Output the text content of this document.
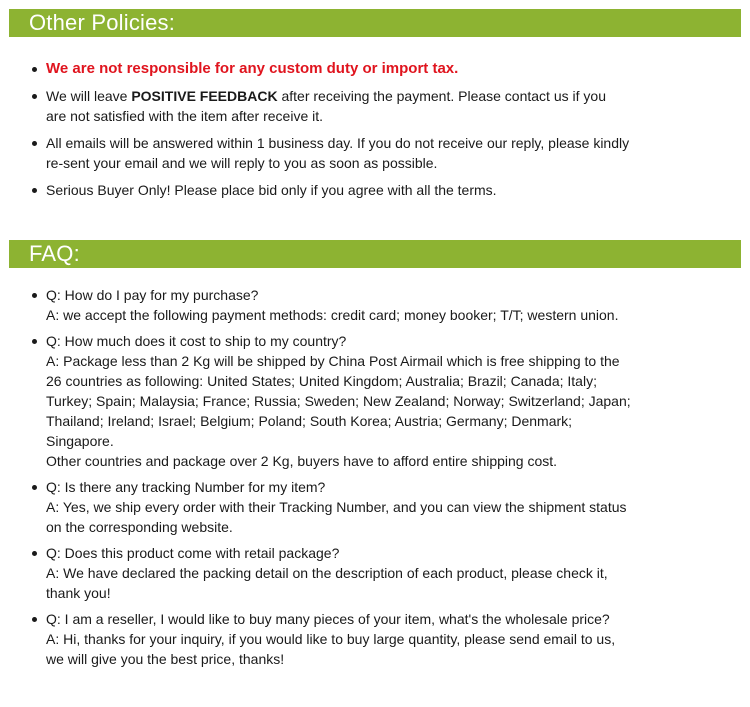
Other Policies:
We are not responsible for any custom duty or import tax.
We will leave POSITIVE FEEDBACK after receiving the payment. Please contact us if you
are not satisfied with the item after receive it.
All emails will be answered within 1 business day. If you do not receive our reply, please kindly
re-sent your email and we will reply to you as soon as possible.
Serious Buyer Only! Please place bid only if you agree with all the terms.
FAQ:
Q: How do I pay for my purchase?
A: we accept the following payment methods: credit card; money booker; T/T; western union.
Q: How much does it cost to ship to my country?
A: Package less than 2 Kg will be shipped by China Post Airmail which is free shipping to the
26 countries as following: United States; United Kingdom; Australia; Brazil; Canada; Italy;
Turkey; Spain; Malaysia; France; Russia; Sweden; New Zealand; Norway; Switzerland; Japan;
Thailand; Ireland; Israel; Belgium; Poland; South Korea; Austria; Germany; Denmark;
Singapore.
Other countries and package over 2 Kg, buyers have to afford entire shipping cost.
Q: Is there any tracking Number for my item?
A: Yes, we ship every order with their Tracking Number, and you can view the shipment status
on the corresponding website.
Q: Does this product come with retail package?
A: We have declared the packing detail on the description of each product, please check it,
thank you!
Q: I am a reseller, I would like to buy many pieces of your item, what's the wholesale price?
A: Hi, thanks for your inquiry, if you would like to buy large quantity, please send email to us,
we will give you the best price, thanks!
